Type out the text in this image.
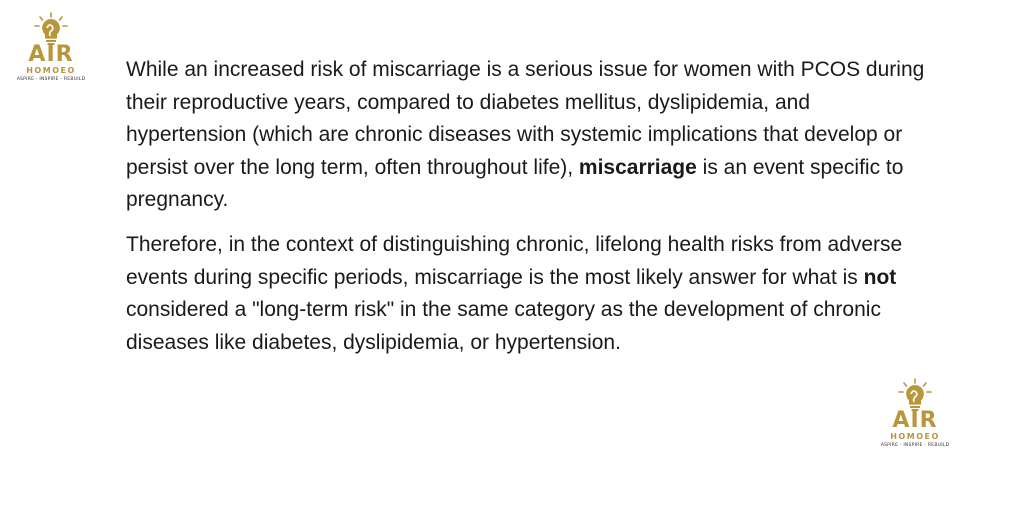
AIR
HOMOEO
ASPIRE - INSPIRE - REBUILD While an increased risk of miscarriage is a serious issue for women with PCOS during their reproductive years, compared to diabetes mellitus, dyslipidemia, and hypertension (which are chronic diseases with systemic implications that develop or persist over the long term, often throughout life), miscarriage is an event specific to pregnancy.

Therefore, in the context of distinguishing chronic, lifelong health risks from adverse events during specific periods, miscarriage is the most likely answer for what is not considered a "long-term risk" in the same category as the development of chronic diseases like diabetes, dyslipidemia, or hypertension.

AIR
HOMOEO
ASPIRE - INSPIRE - REBUILD
